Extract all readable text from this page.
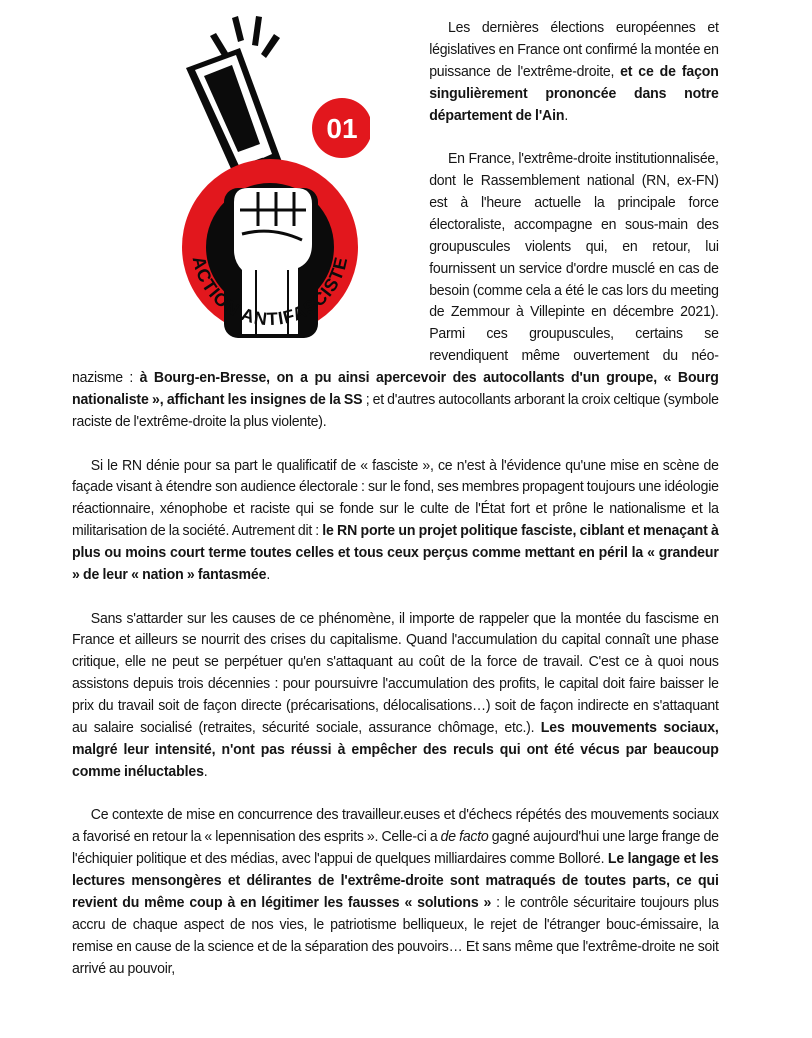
ACTION ANTIFASCISTE
01

Les dernières élections européennes et législatives en France ont confirmé la montée en puissance de l'extrême-droite, et ce de façon singulièrement prononcée dans notre département de l'Ain.

En France, l'extrême-droite institutionnalisée, dont le Rassemblement national (RN, ex-FN) est à l'heure actuelle la principale force électoraliste, accompagne en sous-main des groupuscules violents qui, en retour, lui fournissent un service d'ordre musclé en cas de besoin (comme cela a été le cas lors du meeting de Zemmour à Villepinte en décembre 2021). Parmi ces groupuscules, certains se revendiquent même ouvertement du néo-nazisme : à Bourg-en-Bresse, on a pu ainsi apercevoir des autocollants d'un groupe, « Bourg nationaliste », affichant les insignes de la SS ; et d'autres autocollants arborant la croix celtique (symbole raciste de l'extrême-droite la plus violente).

Si le RN dénie pour sa part le qualificatif de « fasciste », ce n'est à l'évidence qu'une mise en scène de façade visant à étendre son audience électorale : sur le fond, ses membres propagent toujours une idéologie réactionnaire, xénophobe et raciste qui se fonde sur le culte de l'État fort et prône le nationalisme et la militarisation de la société. Autrement dit : le RN porte un projet politique fasciste, ciblant et menaçant à plus ou moins court terme toutes celles et tous ceux perçus comme mettant en péril la « grandeur » de leur « nation » fantasmée.

Sans s'attarder sur les causes de ce phénomène, il importe de rappeler que la montée du fascisme en France et ailleurs se nourrit des crises du capitalisme. Quand l'accumulation du capital connaît une phase critique, elle ne peut se perpétuer qu'en s'attaquant au coût de la force de travail. C'est ce à quoi nous assistons depuis trois décennies : pour poursuivre l'accumulation des profits, le capital doit faire baisser le prix du travail soit de façon directe (précarisations, délocalisations…) soit de façon indirecte en s'attaquant au salaire socialisé (retraites, sécurité sociale, assurance chômage, etc.). Les mouvements sociaux, malgré leur intensité, n'ont pas réussi à empêcher des reculs qui ont été vécus par beaucoup comme inéluctables.

Ce contexte de mise en concurrence des travailleur.euses et d'échecs répétés des mouvements sociaux a favorisé en retour la « lepennisation des esprits ». Celle-ci a de facto gagné aujourd'hui une large frange de l'échiquier politique et des médias, avec l'appui de quelques milliardaires comme Bolloré. Le langage et les lectures mensongères et délirantes de l'extrême-droite sont matraqués de toutes parts, ce qui revient du même coup à en légitimer les fausses « solutions » : le contrôle sécuritaire toujours plus accru de chaque aspect de nos vies, le patriotisme belliqueux, le rejet de l'étranger bouc-émissaire, la remise en cause de la science et de la séparation des pouvoirs… Et sans même que l'extrême-droite ne soit arrivé au pouvoir,
